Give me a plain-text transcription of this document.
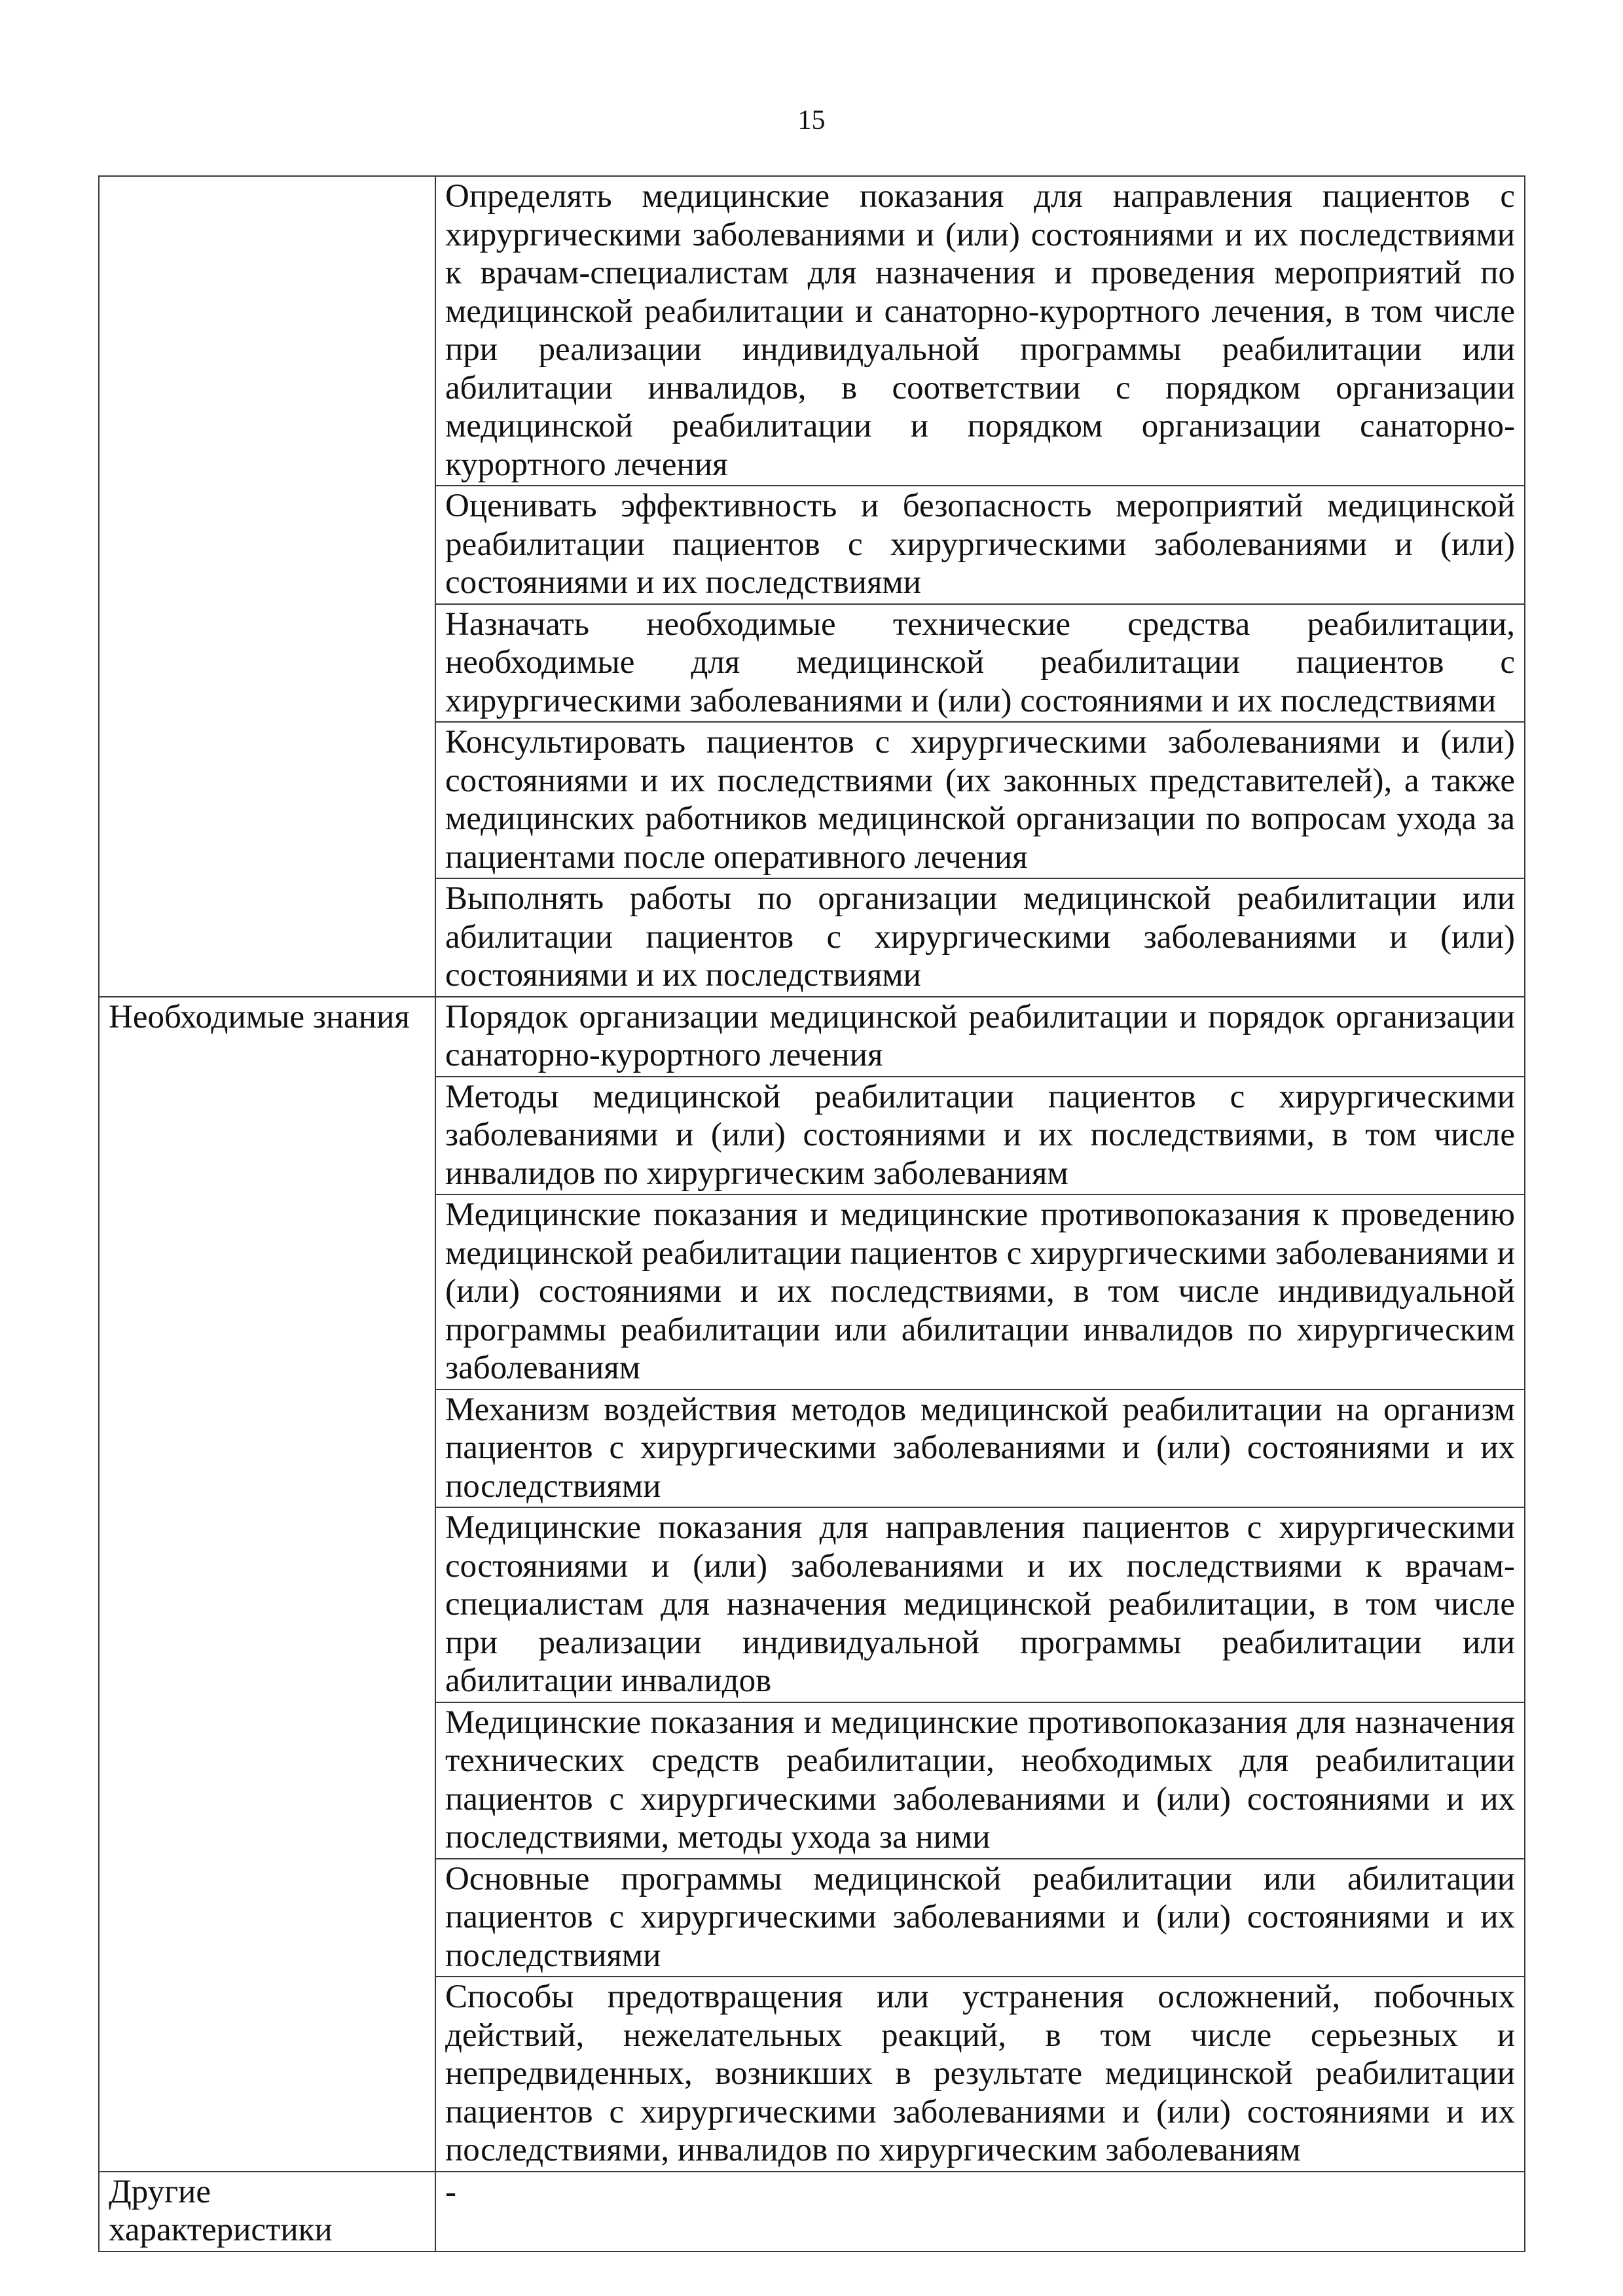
15
	Определять медицинские показания для направления пациентов с хирургическими заболеваниями и (или) состояниями и их последствиями к врачам-специалистам для назначения и проведения мероприятий по медицинской реабилитации и санаторно-курортного лечения, в том числе при реализации индивидуальной программы реабилитации или абилитации инвалидов, в соответствии с порядком организации медицинской реабилитации и порядком организации санаторно-курортного лечения
	Оценивать эффективность и безопасность мероприятий медицинской реабилитации пациентов с хирургическими заболеваниями и (или) состояниями и их последствиями
	Назначать необходимые технические средства реабилитации, необходимые для медицинской реабилитации пациентов с хирургическими заболеваниями и (или) состояниями и их последствиями
	Консультировать пациентов с хирургическими заболеваниями и (или) состояниями и их последствиями (их законных представителей), а также медицинских работников медицинской организации по вопросам ухода за пациентами после оперативного лечения
	Выполнять работы по организации медицинской реабилитации или абилитации пациентов с хирургическими заболеваниями и (или) состояниями и их последствиями
Необходимые знания	Порядок организации медицинской реабилитации и порядок организации санаторно-курортного лечения
	Методы медицинской реабилитации пациентов с хирургическими заболеваниями и (или) состояниями и их последствиями, в том числе инвалидов по хирургическим заболеваниям
	Медицинские показания и медицинские противопоказания к проведению медицинской реабилитации пациентов с хирургическими заболеваниями и (или) состояниями и их последствиями, в том числе индивидуальной программы реабилитации или абилитации инвалидов по хирургическим заболеваниям
	Механизм воздействия методов медицинской реабилитации на организм пациентов с хирургическими заболеваниями и (или) состояниями и их последствиями
	Медицинские показания для направления пациентов с хирургическими состояниями и (или) заболеваниями и их последствиями к врачам-специалистам для назначения медицинской реабилитации, в том числе при реализации индивидуальной программы реабилитации или абилитации инвалидов
	Медицинские показания и медицинские противопоказания для назначения технических средств реабилитации, необходимых для реабилитации пациентов с хирургическими заболеваниями и (или) состояниями и их последствиями, методы ухода за ними
	Основные программы медицинской реабилитации или абилитации пациентов с хирургическими заболеваниями и (или) состояниями и их последствиями
	Способы предотвращения или устранения осложнений, побочных действий, нежелательных реакций, в том числе серьезных и непредвиденных, возникших в результате медицинской реабилитации пациентов с хирургическими заболеваниями и (или) состояниями и их последствиями, инвалидов по хирургическим заболеваниям
Другие характеристики	-
